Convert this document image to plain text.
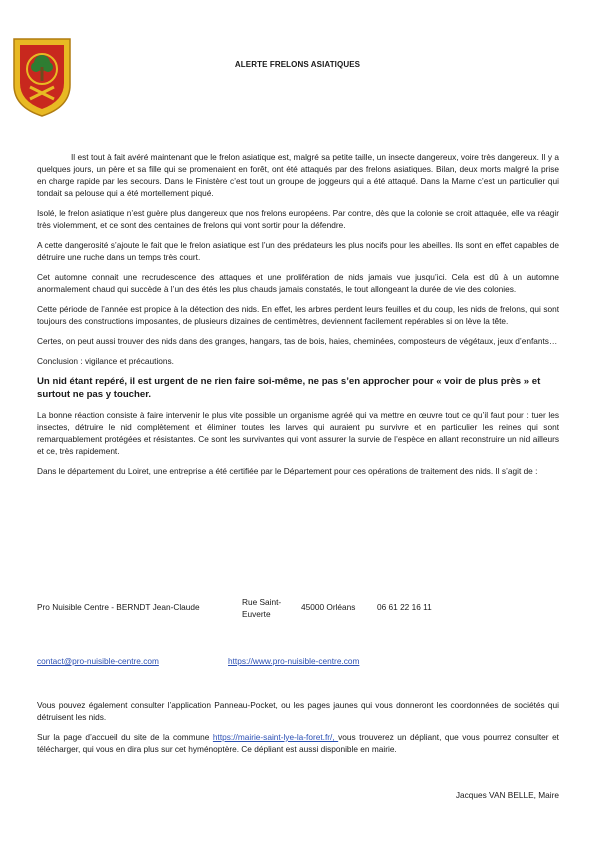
ALERTE FRELONS ASIATIQUES

Il est tout à fait avéré maintenant que le frelon asiatique est, malgré sa petite taille, un insecte dangereux, voire très dangereux. Il y a quelques jours, un père et sa fille qui se promenaient en forêt, ont été attaqués par des frelons asiatiques. Bilan, deux morts malgré la prise en charge rapide par les secours. Dans le Finistère c’est tout un groupe de joggeurs qui a été attaqué. Dans la Marne c’est un particulier qui tondait sa pelouse qui a été mortellement piqué.

Isolé, le frelon asiatique n’est guère plus dangereux que nos frelons européens. Par contre, dès que la colonie se croit attaquée, elle va réagir très violemment, et ce sont des centaines de frelons qui vont sortir pour la défendre.

A cette dangerosité s’ajoute le fait que le frelon asiatique est l’un des prédateurs les plus nocifs pour les abeilles. Ils sont en effet capables de détruire une ruche dans un temps très court.

Cet automne connait une recrudescence des attaques et une prolifération de nids jamais vue jusqu’ici. Cela est dû à un automne anormalement chaud qui succède à l’un des étés les plus chauds jamais constatés, le tout allongeant la durée de vie des colonies.

Cette période de l’année est propice à la détection des nids. En effet, les arbres perdent leurs feuilles et du coup, les nids de frelons, qui sont toujours des constructions imposantes, de plusieurs dizaines de centimètres, deviennent facilement repérables si on lève la tête.

Certes, on peut aussi trouver des nids dans des granges, hangars, tas de bois, haies, cheminées, composteurs de végétaux, jeux d’enfants…

Conclusion : vigilance et précautions.

Un nid étant repéré, il est urgent de ne rien faire soi-même, ne pas s’en approcher pour « voir de plus près » et surtout ne pas y toucher.

La bonne réaction consiste à faire intervenir le plus vite possible un organisme agréé qui va mettre en œuvre tout ce qu’il faut pour : tuer les insectes, détruire le nid complètement et éliminer toutes les larves qui auraient pu survivre et en particulier les reines qui sont remarquablement protégées et résistantes. Ce sont les survivantes qui vont assurer la survie de l’espèce en allant reconstruire un nid ailleurs et ce, très rapidement.

Dans le département du Loiret, une entreprise a été certifiée par le Département pour ces opérations de traitement des nids. Il s’agit de :

Pro Nuisible Centre - BERNDT Jean-Claude	Rue Saint-
Euverte
45000 Orléans	06 61 22 16 11
contact@pro-nuisible-centre.com	https://www.pro-nuisible-centre.com

Vous pouvez également consulter l’application Panneau-Pocket, ou les pages jaunes qui vous donneront les coordonnées de sociétés qui détruisent les nids.

Sur la page d’accueil du site de la commune https://mairie-saint-lye-la-foret.fr/, vous trouverez un dépliant, que vous pourrez consulter et télécharger, qui vous en dira plus sur cet hyménoptère. Ce dépliant est aussi disponible en mairie.

Jacques VAN BELLE, Maire
